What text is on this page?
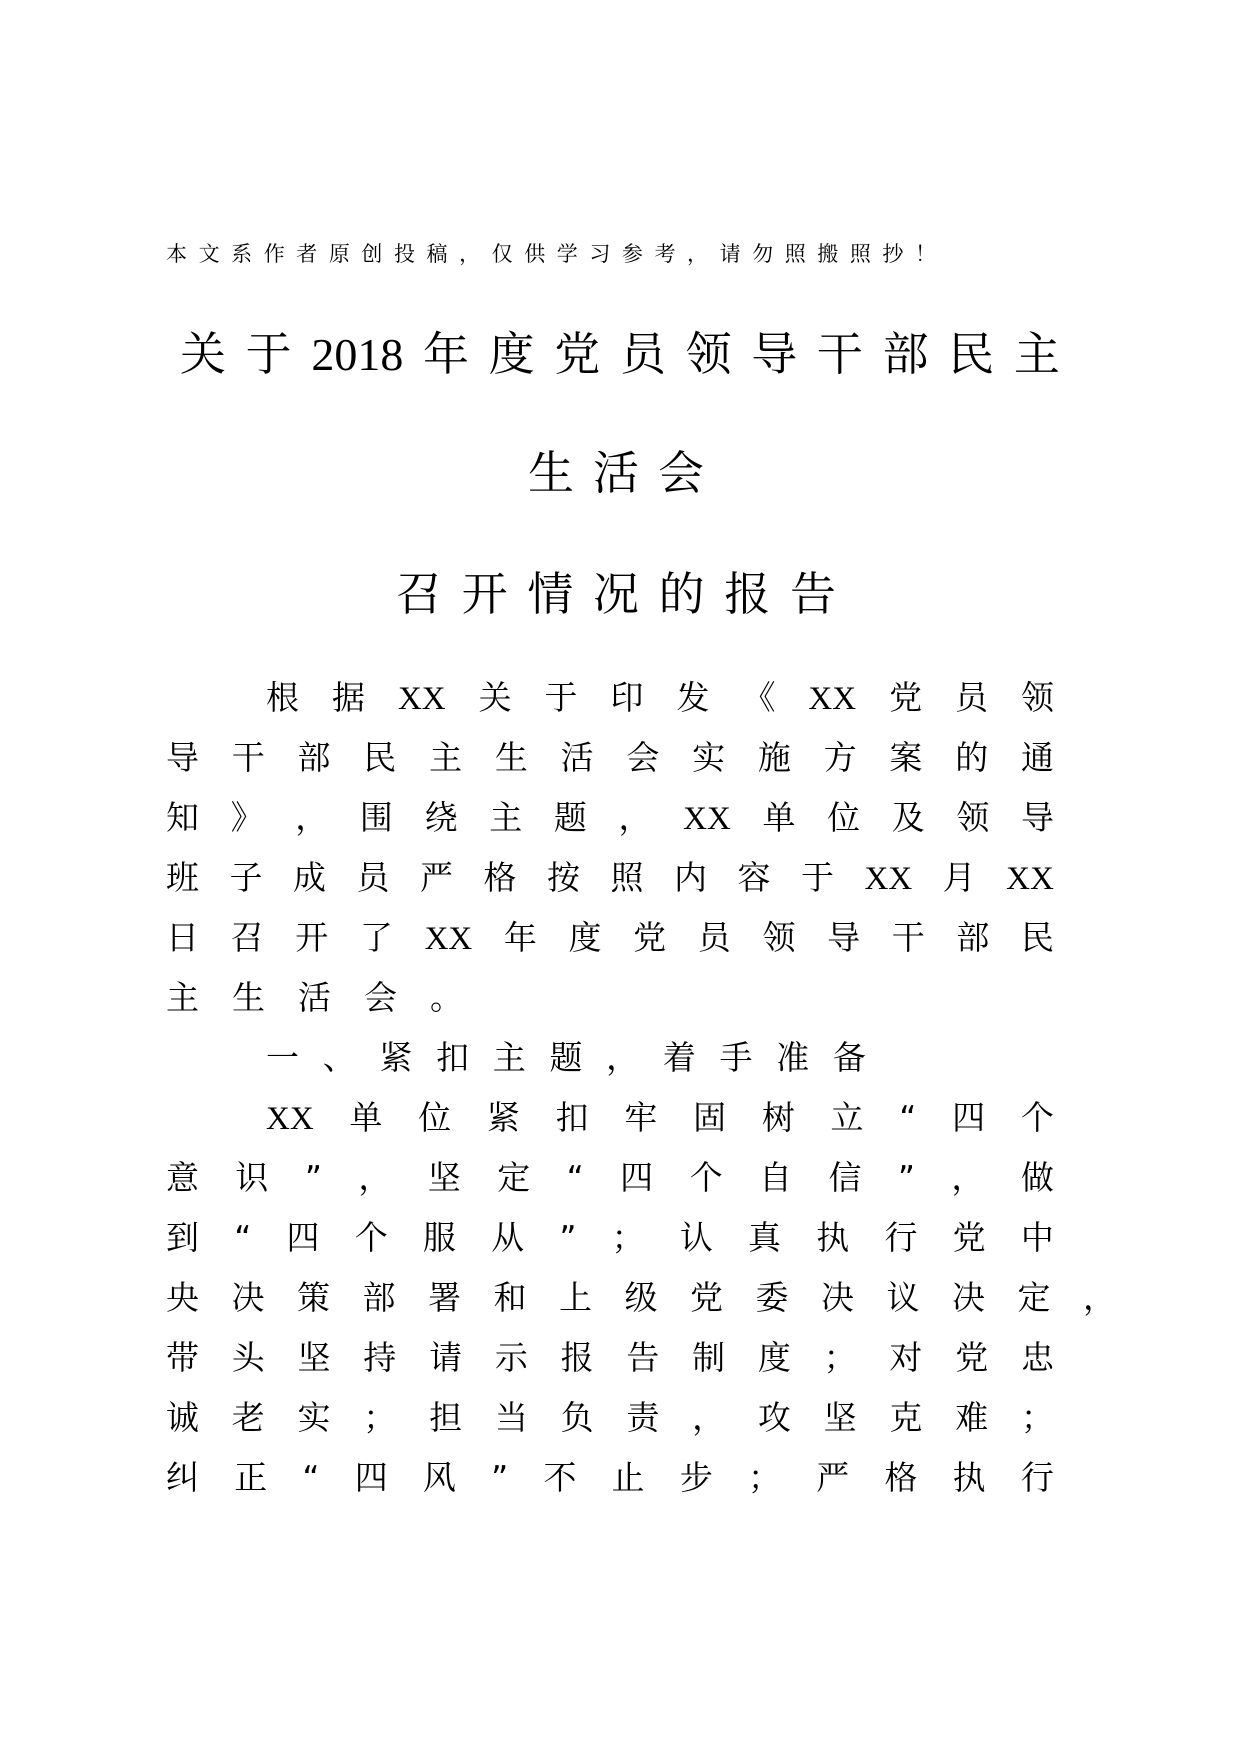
本 文 系 作 者 原 创 投 稿 ， 仅 供 学 习 参 考 ， 请 勿 照 搬 照 抄 ！
关 于 2018 年 度 党 员 领 导 干 部 民 主
生 活 会
召 开 情 况 的 报 告
根 据 XX 关 于 印 发 《 XX 党 员 领
导 干 部 民 主 生 活 会 实 施 方 案 的 通
知 》 ， 围 绕 主 题 ， XX 单 位 及 领 导
班 子 成 员 严 格 按 照 内 容 于 XX 月 XX
日 召 开 了 XX 年 度 党 员 领 导 干 部 民
主 生 活 会 。
一 、 紧 扣 主 题 ， 着 手 准 备
XX 单 位 紧 扣 牢 固 树 立 “ 四 个
意 识 ” ， 坚 定 “ 四 个 自 信 ” ， 做
到 “ 四 个 服 从 ” ； 认 真 执 行 党 中
央 决 策 部 署 和 上 级 党 委 决 议 决 定 ，
带 头 坚 持 请 示 报 告 制 度 ； 对 党 忠
诚 老 实 ； 担 当 负 责 ， 攻 坚 克 难 ；
纠 正 “ 四 风 ” 不 止 步 ； 严 格 执 行
